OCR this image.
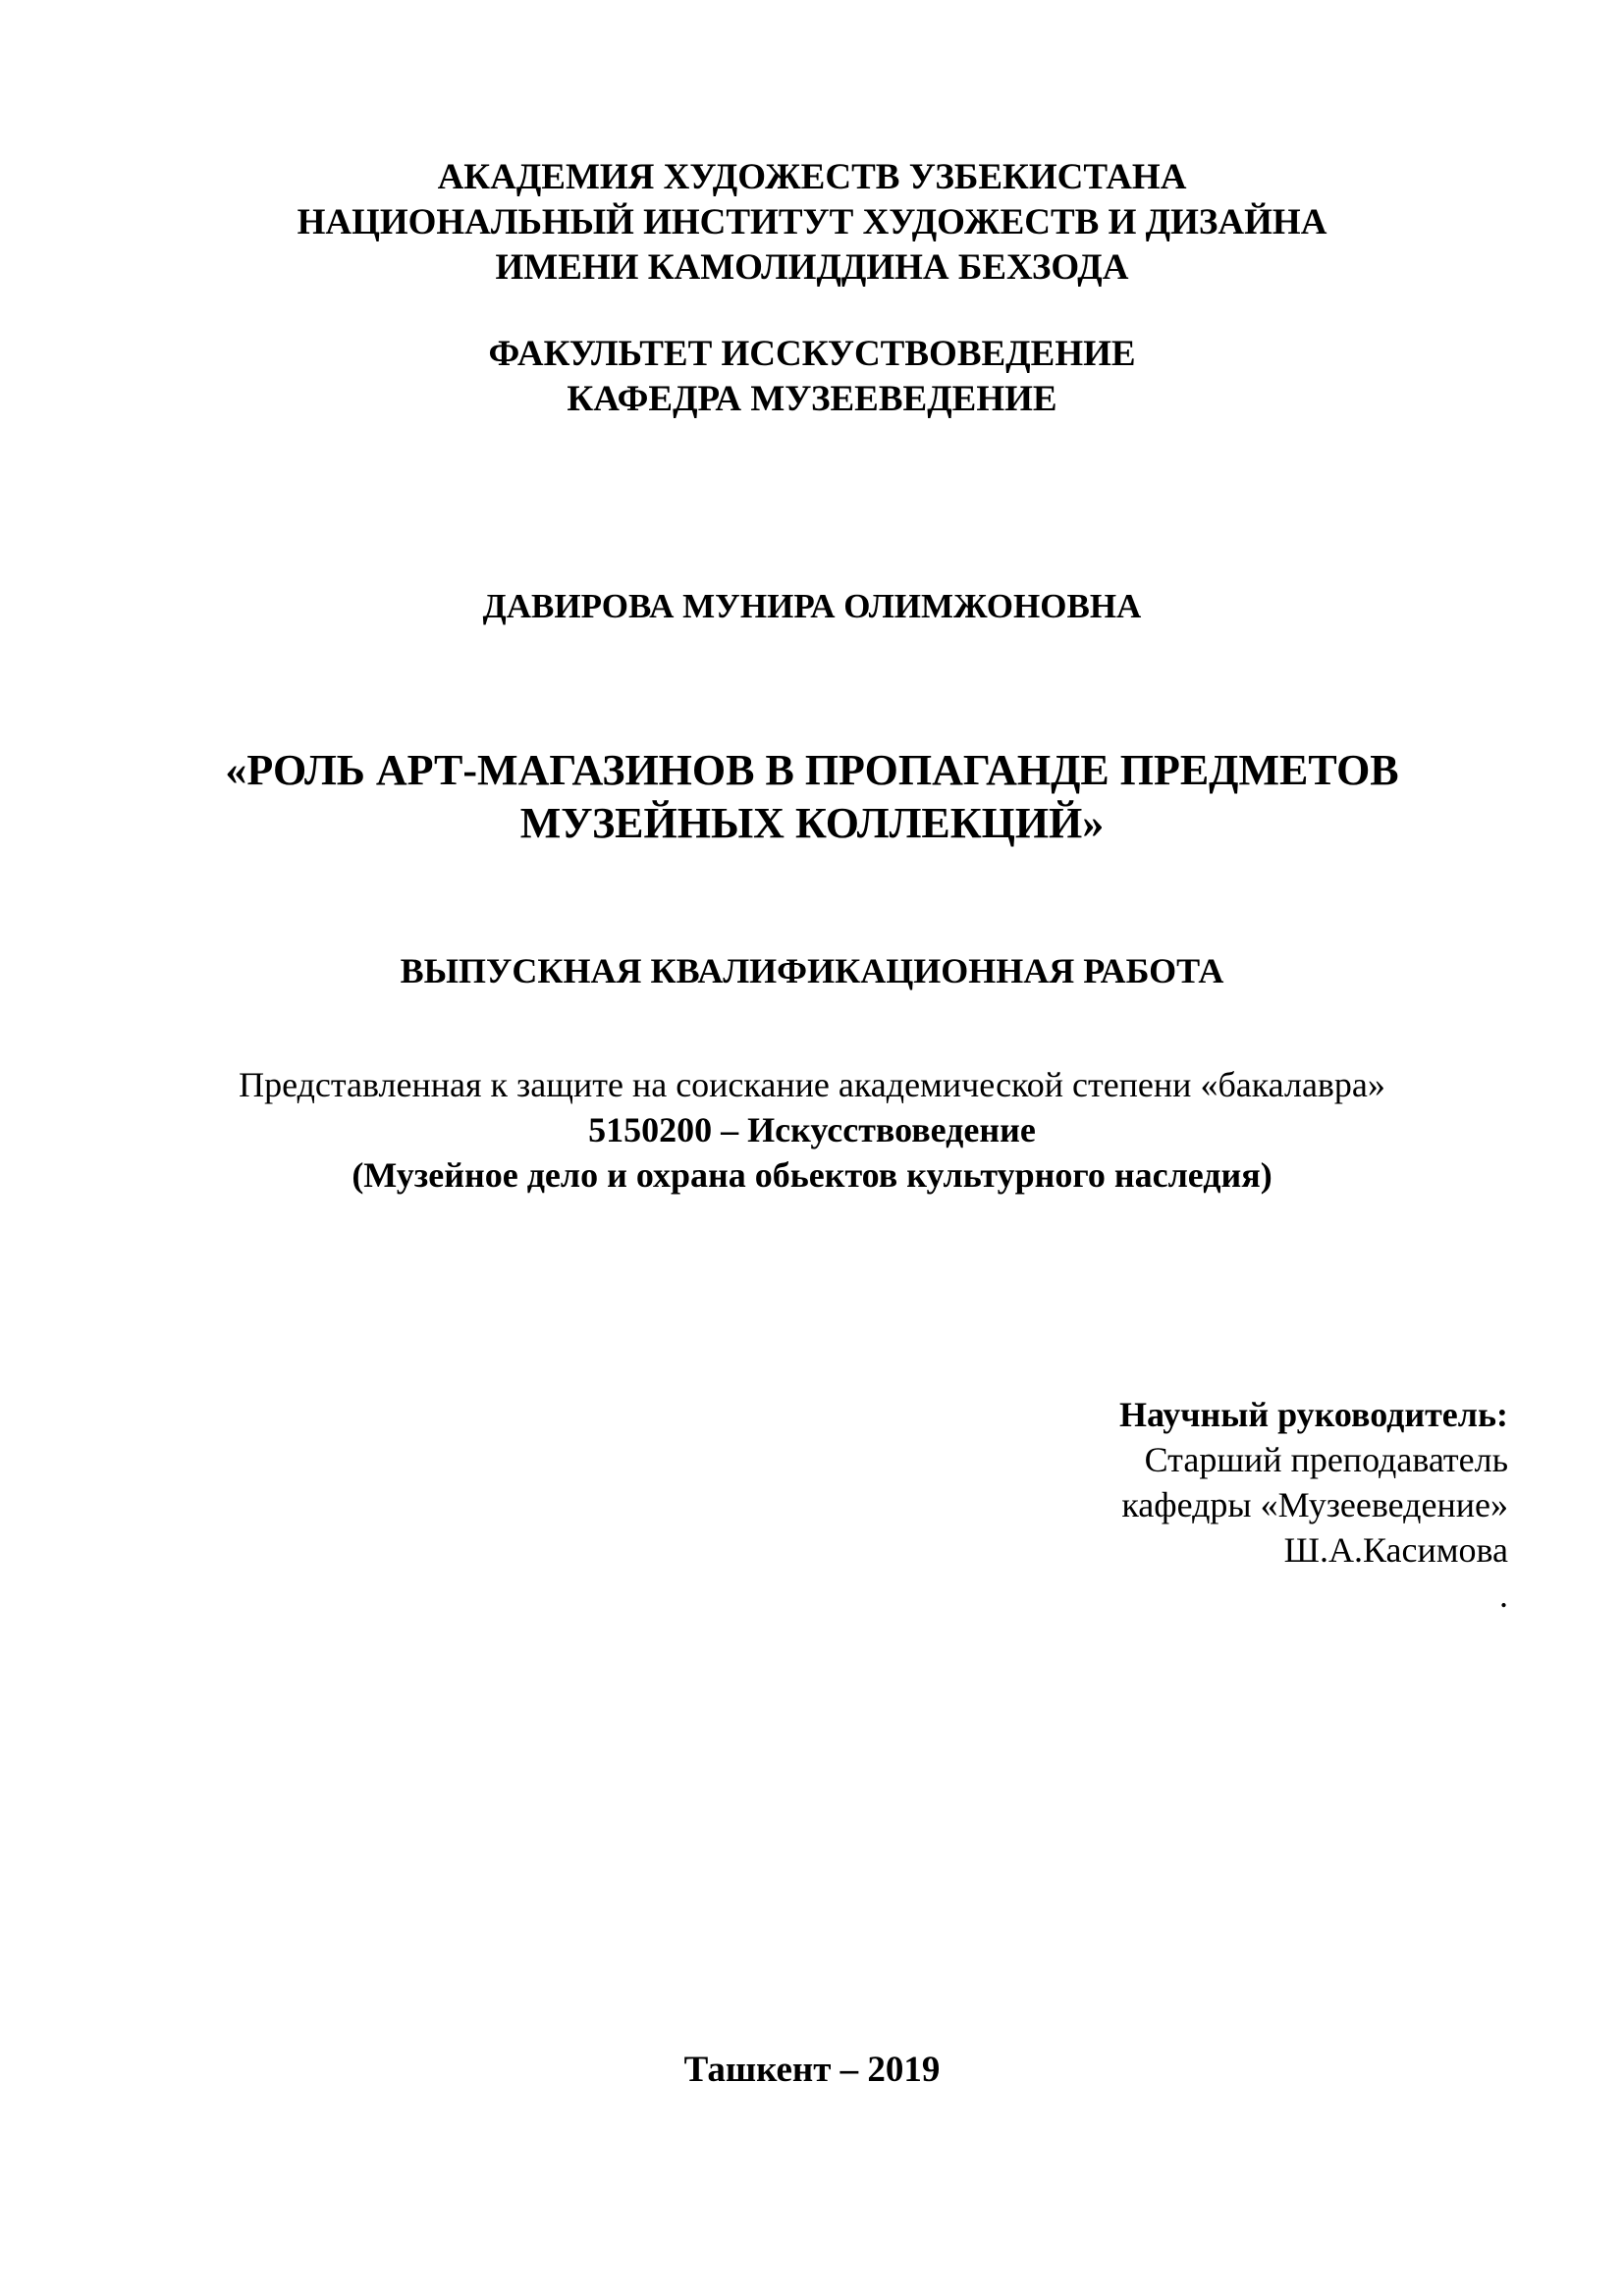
АКАДЕМИЯ ХУДОЖЕСТВ УЗБЕКИСТАНА
НАЦИОНАЛЬНЫЙ ИНСТИТУТ ХУДОЖЕСТВ И ДИЗАЙНА
ИМЕНИ КАМОЛИДДИНА БЕХЗОДА
ФАКУЛЬТЕТ ИССКУСТВОВЕДЕНИЕ
КАФЕДРА МУЗЕЕВЕДЕНИЕ
ДАВИРОВА МУНИРА ОЛИМЖОНОВНА
«РОЛЬ АРТ-МАГАЗИНОВ В ПРОПАГАНДЕ ПРЕДМЕТОВ
МУЗЕЙНЫХ КОЛЛЕКЦИЙ»
ВЫПУСКНАЯ КВАЛИФИКАЦИОННАЯ РАБОТА
Представленная к защите на соискание академической степени «бакалавра»
5150200 – Искусствоведение
(Музейное дело и охрана обьектов культурного наследия)
Научный руководитель:
Старший преподаватель
кафедры «Музееведение»
Ш.А.Касимова
.
Ташкент – 2019
